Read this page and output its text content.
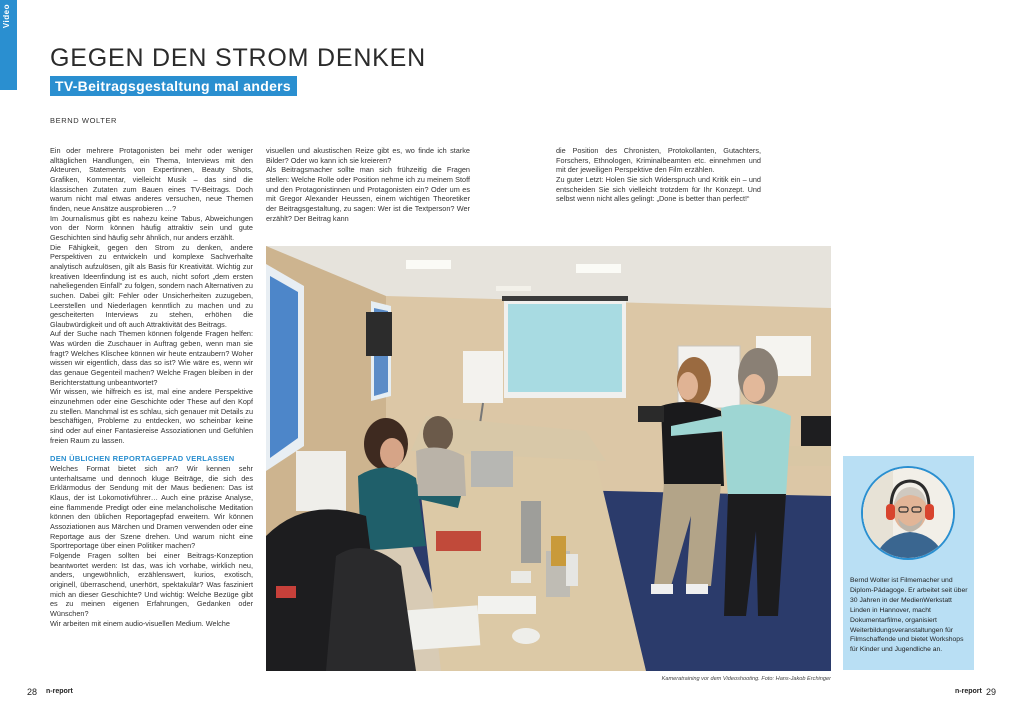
Video
GEGEN DEN STROM DENKEN
TV-Beitragsgestaltung mal anders
BERND WOLTER

Ein oder mehrere Protagonisten bei mehr oder weniger alltäglichen Handlungen, ein Thema, Interviews mit den Akteuren, Statements von Expertinnen, Beauty Shots, Grafiken, Kommentar, vielleicht Musik – das sind die klassischen Zutaten zum Bauen eines TV-Beitrags. Doch warum nicht mal etwas anderes versuchen, neue Themen finden, neue Ansätze ausprobieren …?

Im Journalismus gibt es nahezu keine Tabus, Abweichungen von der Norm können häufig attraktiv sein und gute Geschichten sind häufig sehr ähnlich, nur anders erzählt.

Die Fähigkeit, gegen den Strom zu denken, andere Perspektiven zu entwickeln und komplexe Sachverhalte analytisch aufzulösen, gilt als Basis für Kreativität. Wichtig zur kreativen Ideenfindung ist es auch, nicht sofort „dem ersten naheliegenden Einfall“ zu folgen, sondern nach Alternativen zu suchen. Dabei gilt: Fehler oder Unsicherheiten zuzugeben, Leerstellen und Niederlagen kenntlich zu machen und zu gescheiterten Interviews zu stehen, erhöhen die Glaubwürdigkeit und oft auch Attraktivität des Beitrags.

Auf der Suche nach Themen können folgende Fragen helfen: Was würden die Zuschauer in Auftrag geben, wenn man sie fragt? Welches Klischee können wir heute entzaubern? Woher wissen wir eigentlich, dass das so ist? Wie wäre es, wenn wir das genaue Gegenteil machen? Welche Fragen bleiben in der Berichterstattung unbeantwortet?

Wir wissen, wie hilfreich es ist, mal eine andere Perspektive einzunehmen oder eine Geschichte oder These auf den Kopf zu stellen. Manchmal ist es schlau, sich genauer mit Details zu beschäftigen, Probleme zu entdecken, wo scheinbar keine sind oder auf einer Fantasiereise Assoziationen und Gefühlen freien Raum zu lassen.

DEN ÜBLICHEN REPORTAGEPFAD VERLASSEN

Welches Format bietet sich an? Wir kennen sehr unterhaltsame und dennoch kluge Beiträge, die sich des Erklärmodus der Sendung mit der Maus bedienen: Das ist Klaus, der ist Lokomotivführer… Auch eine präzise Analyse, eine flammende Predigt oder eine melancholische Meditation können den üblichen Reportagepfad erweitern. Wir können Assoziationen aus Märchen und Dramen verwenden oder eine Reportage aus der Szene drehen. Und warum nicht eine Sportreportage über einen Politiker machen?

Folgende Fragen sollten bei einer Beitrags-Konzeption beantwortet werden: Ist das, was ich vorhabe, wirklich neu, anders, ungewöhnlich, erzählenswert, kurios, exotisch, originell, überraschend, unerhört, spektakulär? Was fasziniert mich an dieser Geschichte? Und wichtig: Welche Bezüge gibt es zu meinen eigenen Erfahrungen, Gedanken oder Wünschen?

Wir arbeiten mit einem audio-visuellen Medium. Welche

visuellen und akustischen Reize gibt es, wo finde ich starke Bilder? Oder wo kann ich sie kreieren?

Als Beitragsmacher sollte man sich frühzeitig die Fragen stellen: Welche Rolle oder Position nehme ich zu meinem Stoff und den Protagonistinnen und Protagonisten ein? Oder um es mit Gregor Alexander Heussen, einem wichtigen Theoretiker der Beitragsgestaltung, zu sagen: Wer ist die Textperson? Wer erzählt? Der Beitrag kann

die Position des Chronisten, Protokollanten, Gutachters, Forschers, Ethnologen, Kriminalbeamten etc. einnehmen und mit der jeweiligen Perspektive den Film erzählen.

Zu guter Letzt: Holen Sie sich Widerspruch und Kritik ein – und entscheiden Sie sich vielleicht trotzdem für Ihr Konzept. Und selbst wenn nicht alles gelingt: „Done is better than perfect!“

Kameratraining vor dem Videoshooting. Foto: Hans-Jakob Erchinger

Bernd Wolter ist Filmemacher und Diplom-Pädagoge. Er arbeitet seit über 30 Jahren in der MedienWerkstatt Linden in Hannover, macht Dokumentarfilme, organisiert Weiterbildungsveranstaltungen für Filmschaffende und bietet Workshops für Kinder und Jugendliche an.

28 n-report	n-report 29
